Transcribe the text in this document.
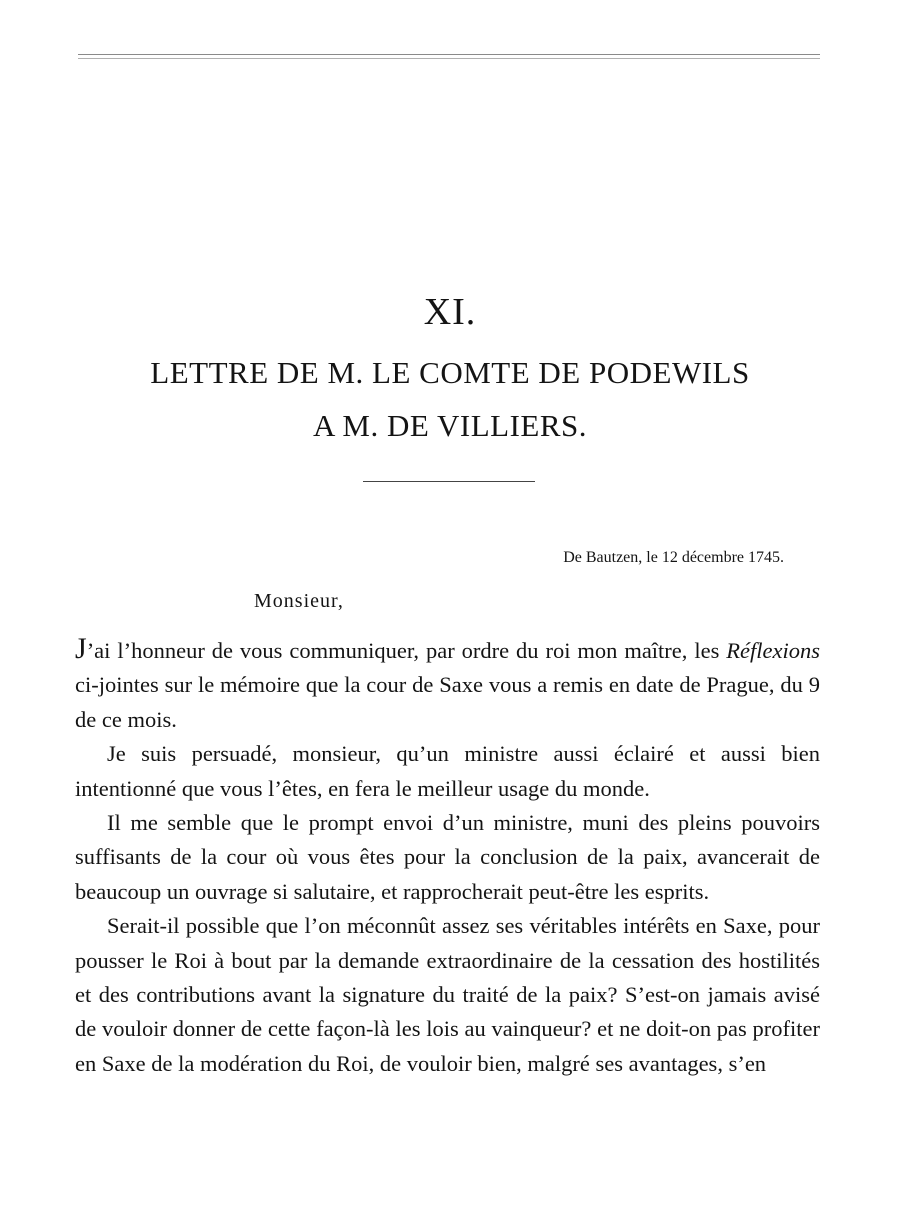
XI.
LETTRE DE M. LE COMTE DE PODEWILS
A M. DE VILLIERS.
De Bautzen, le 12 décembre 1745.
Monsieur,

J’ai l’honneur de vous communiquer, par ordre du roi mon maître, les Réflexions ci-jointes sur le mémoire que la cour de Saxe vous a remis en date de Prague, du 9 de ce mois.

Je suis persuadé, monsieur, qu’un ministre aussi éclairé et aussi bien intentionné que vous l’êtes, en fera le meilleur usage du monde.

Il me semble que le prompt envoi d’un ministre, muni des pleins pouvoirs suffisants de la cour où vous êtes pour la conclusion de la paix, avancerait de beaucoup un ouvrage si salutaire, et rapprocherait peut-être les esprits.

Serait-il possible que l’on méconnût assez ses véritables intérêts en Saxe, pour pousser le Roi à bout par la demande extraordinaire de la cessation des hostilités et des contributions avant la signature du traité de la paix? S’est-on jamais avisé de vouloir donner de cette façon-là les lois au vainqueur? et ne doit-on pas profiter en Saxe de la modération du Roi, de vouloir bien, malgré ses avantages, s’en
